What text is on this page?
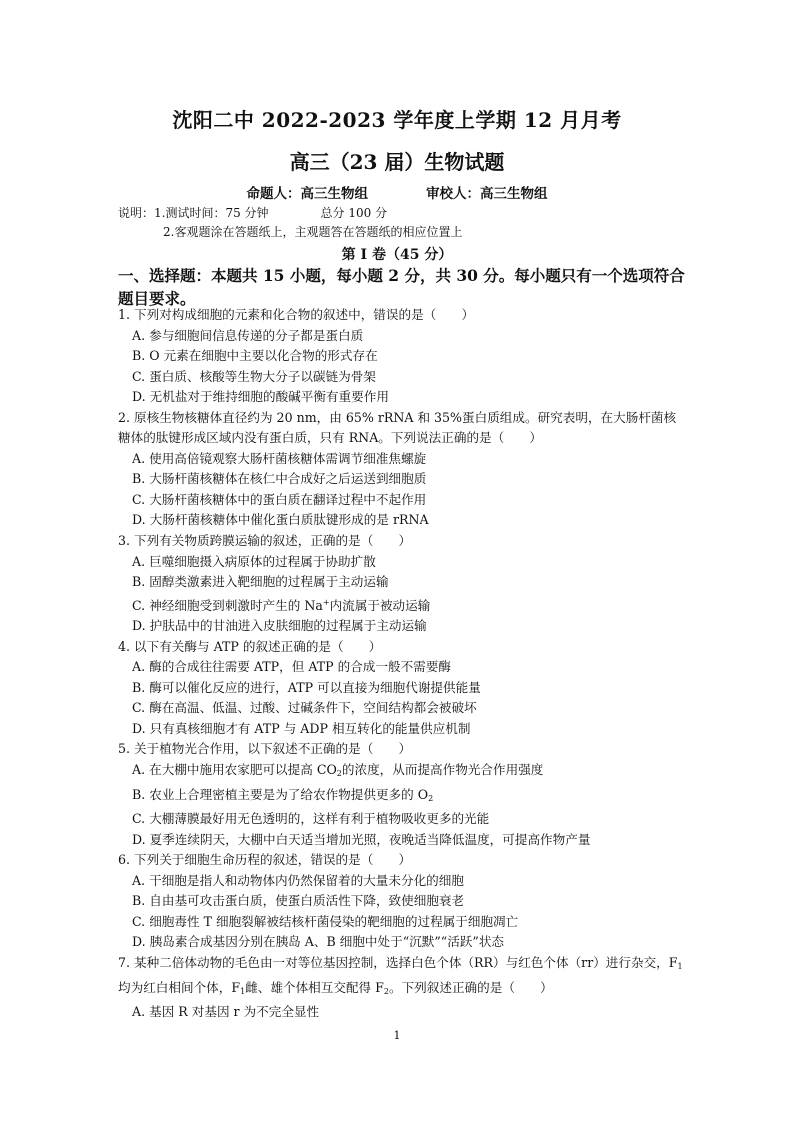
沈阳二中 2022-2023 学年度上学期 12 月月考
高三（23 届）生物试题
命题人：高三生物组	审校人：高三生物组
说明：1.测试时间：75 分钟	总分 100 分
2.客观题涂在答题纸上，主观题答在答题纸的相应位置上
第 I 卷（45 分）
一、选择题：本题共 15 小题，每小题 2 分，共 30 分。每小题只有一个选项符合题目要求。
1. 下列对构成细胞的元素和化合物的叙述中，错误的是（　　）
A. 参与细胞间信息传递的分子都是蛋白质
B. O 元素在细胞中主要以化合物的形式存在
C. 蛋白质、核酸等生物大分子以碳链为骨架
D. 无机盐对于维持细胞的酸碱平衡有重要作用
2. 原核生物核糖体直径约为 20 nm，由 65% rRNA 和 35%蛋白质组成。研究表明，在大肠杆菌核糖体的肽键形成区域内没有蛋白质，只有 RNA。下列说法正确的是（　　）
A. 使用高倍镜观察大肠杆菌核糖体需调节细准焦螺旋
B. 大肠杆菌核糖体在核仁中合成好之后运送到细胞质
C. 大肠杆菌核糖体中的蛋白质在翻译过程中不起作用
D. 大肠杆菌核糖体中催化蛋白质肽键形成的是 rRNA
3. 下列有关物质跨膜运输的叙述，正确的是（　　）
A. 巨噬细胞摄入病原体的过程属于协助扩散
B. 固醇类激素进入靶细胞的过程属于主动运输
C. 神经细胞受到刺激时产生的 Na+内流属于被动运输
D. 护肤品中的甘油进入皮肤细胞的过程属于主动运输
4. 以下有关酶与 ATP 的叙述正确的是（　　）
A. 酶的合成往往需要 ATP，但 ATP 的合成一般不需要酶
B. 酶可以催化反应的进行，ATP 可以直接为细胞代谢提供能量
C. 酶在高温、低温、过酸、过碱条件下，空间结构都会被破坏
D. 只有真核细胞才有 ATP 与 ADP 相互转化的能量供应机制
5. 关于植物光合作用，以下叙述不正确的是（　　）
A. 在大棚中施用农家肥可以提高 $CO_2$的浓度，从而提高作物光合作用强度
B. 农业上合理密植主要是为了给农作物提供更多的 $O_2$
C. 大棚薄膜最好用无色透明的，这样有利于植物吸收更多的光能
D. 夏季连续阴天，大棚中白天适当增加光照，夜晚适当降低温度，可提高作物产量
6. 下列关于细胞生命历程的叙述，错误的是（　　）
A. 干细胞是指人和动物体内仍然保留着的大量未分化的细胞
B. 自由基可攻击蛋白质，使蛋白质活性下降，致使细胞衰老
C. 细胞毒性 T 细胞裂解被结核杆菌侵染的靶细胞的过程属于细胞凋亡
D. 胰岛素合成基因分别在胰岛 A、B 细胞中处于“沉默”“活跃”状态
7. 某种二倍体动物的毛色由一对等位基因控制，选择白色个体（RR）与红色个体（rr）进行杂交，$F_1$均为红白相间个体，$F_1$雌、雄个体相互交配得 $F_2$。下列叙述正确的是（　　）
A. 基因 R 对基因 r 为不完全显性
1
